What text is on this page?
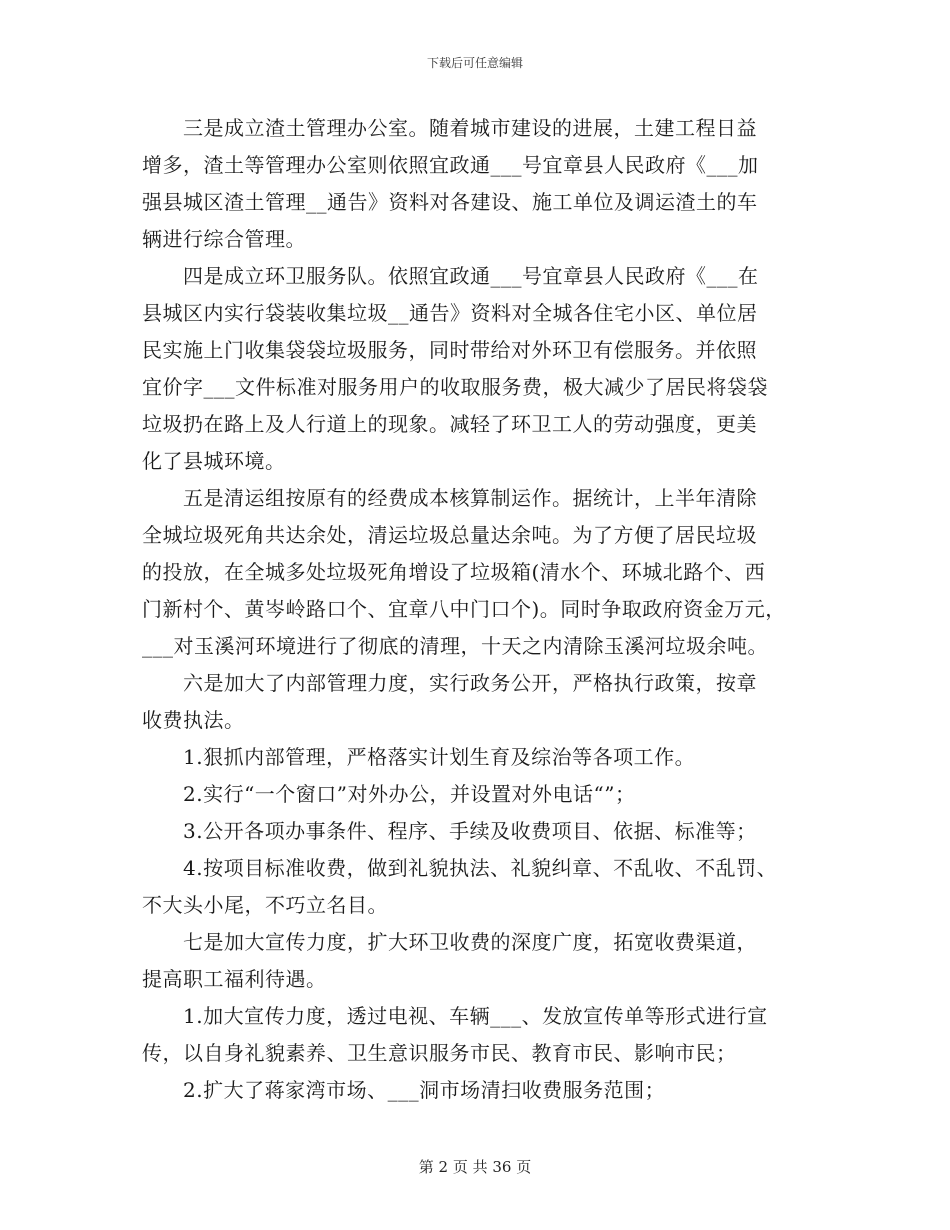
下载后可任意编辑
　　三是成立渣土管理办公室。随着城市建设的进展，土建工程日益
增多，渣土等管理办公室则依照宜政通___号宜章县人民政府《___加
强县城区渣土管理__通告》资料对各建设、施工单位及调运渣土的车
辆进行综合管理。
　　四是成立环卫服务队。依照宜政通___号宜章县人民政府《___在
县城区内实行袋装收集垃圾__通告》资料对全城各住宅小区、单位居
民实施上门收集袋袋垃圾服务，同时带给对外环卫有偿服务。并依照
宜价字___文件标准对服务用户的收取服务费，极大减少了居民将袋袋
垃圾扔在路上及人行道上的现象。减轻了环卫工人的劳动强度，更美
化了县城环境。
　　五是清运组按原有的经费成本核算制运作。据统计，上半年清除
全城垃圾死角共达余处，清运垃圾总量达余吨。为了方便了居民垃圾
的投放，在全城多处垃圾死角增设了垃圾箱(清水个、环城北路个、西
门新村个、黄岑岭路口个、宜章八中门口个)。同时争取政府资金万元，
___对玉溪河环境进行了彻底的清理，十天之内清除玉溪河垃圾余吨。
　　六是加大了内部管理力度，实行政务公开，严格执行政策，按章
收费执法。
　　1.狠抓内部管理，严格落实计划生育及综治等各项工作。
　　2.实行“一个窗口”对外办公，并设置对外电话“”；
　　3.公开各项办事条件、程序、手续及收费项目、依据、标准等；
　　4.按项目标准收费，做到礼貌执法、礼貌纠章、不乱收、不乱罚、
不大头小尾，不巧立名目。
　　七是加大宣传力度，扩大环卫收费的深度广度，拓宽收费渠道，
提高职工福利待遇。
　　1.加大宣传力度，透过电视、车辆___、发放宣传单等形式进行宣
传，以自身礼貌素养、卫生意识服务市民、教育市民、影响市民；
　　2.扩大了蒋家湾市场、___洞市场清扫收费服务范围；
第 2 页 共 36 页
